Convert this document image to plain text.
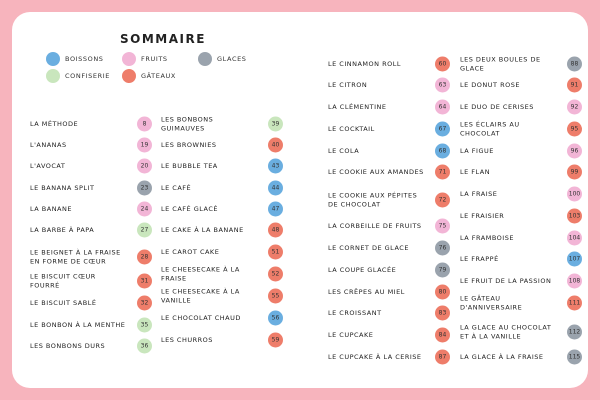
SOMMAIRE
BOISSONS	FRUITS	GLACES
CONFISERIE	GÂTEAUX
LA MÉTHODE	8
L'ANANAS	19
L'AVOCAT	20
LE BANANA SPLIT	23
LA BANANE	24
LA BARBE À PAPA	27
LE BEIGNET À LA FRAISE EN FORME DE CŒUR	28
LE BISCUIT CŒUR FOURRÉ	31
LE BISCUIT SABLÉ	32
LE BONBON À LA MENTHE	35
LES BONBONS DURS	36
LES BONBONS GUIMAUVES	39
LES BROWNIES	40
LE BUBBLE TEA	43
LE CAFÉ	44
LE CAFÉ GLACÉ	47
LE CAKE À LA BANANE	48
LE CAROT CAKE	51
LE CHEESECAKE À LA FRAISE	52
LE CHEESECAKE À LA VANILLE	55
LE CHOCOLAT CHAUD	56
LES CHURROS	59
LE CINNAMON ROLL	60
LE CITRON	63
LA CLÉMENTINE	64
LE COCKTAIL	67
LE COLA	68
LE COOKIE AUX AMANDES	71
LE COOKIE AUX PÉPITES DE CHOCOLAT	72
LA CORBEILLE DE FRUITS	75
LE CORNET DE GLACE	76
LA COUPE GLACÉE	79
LES CRÊPES AU MIEL	80
LE CROISSANT	83
LE CUPCAKE	84
LE CUPCAKE À LA CERISE	87
LES DEUX BOULES DE GLACE	88
LE DONUT ROSE	91
LE DUO DE CERISES	92
LES ÉCLAIRS AU CHOCOLAT	95
LA FIGUE	96
LE FLAN	99
LA FRAISE	100
LE FRAISIER	103
LA FRAMBOISE	104
LE FRAPPÉ	107
LE FRUIT DE LA PASSION	108
LE GÂTEAU D'ANNIVERSAIRE	111
LA GLACE AU CHOCOLAT ET À LA VANILLE	112
LA GLACE À LA FRAISE	115
